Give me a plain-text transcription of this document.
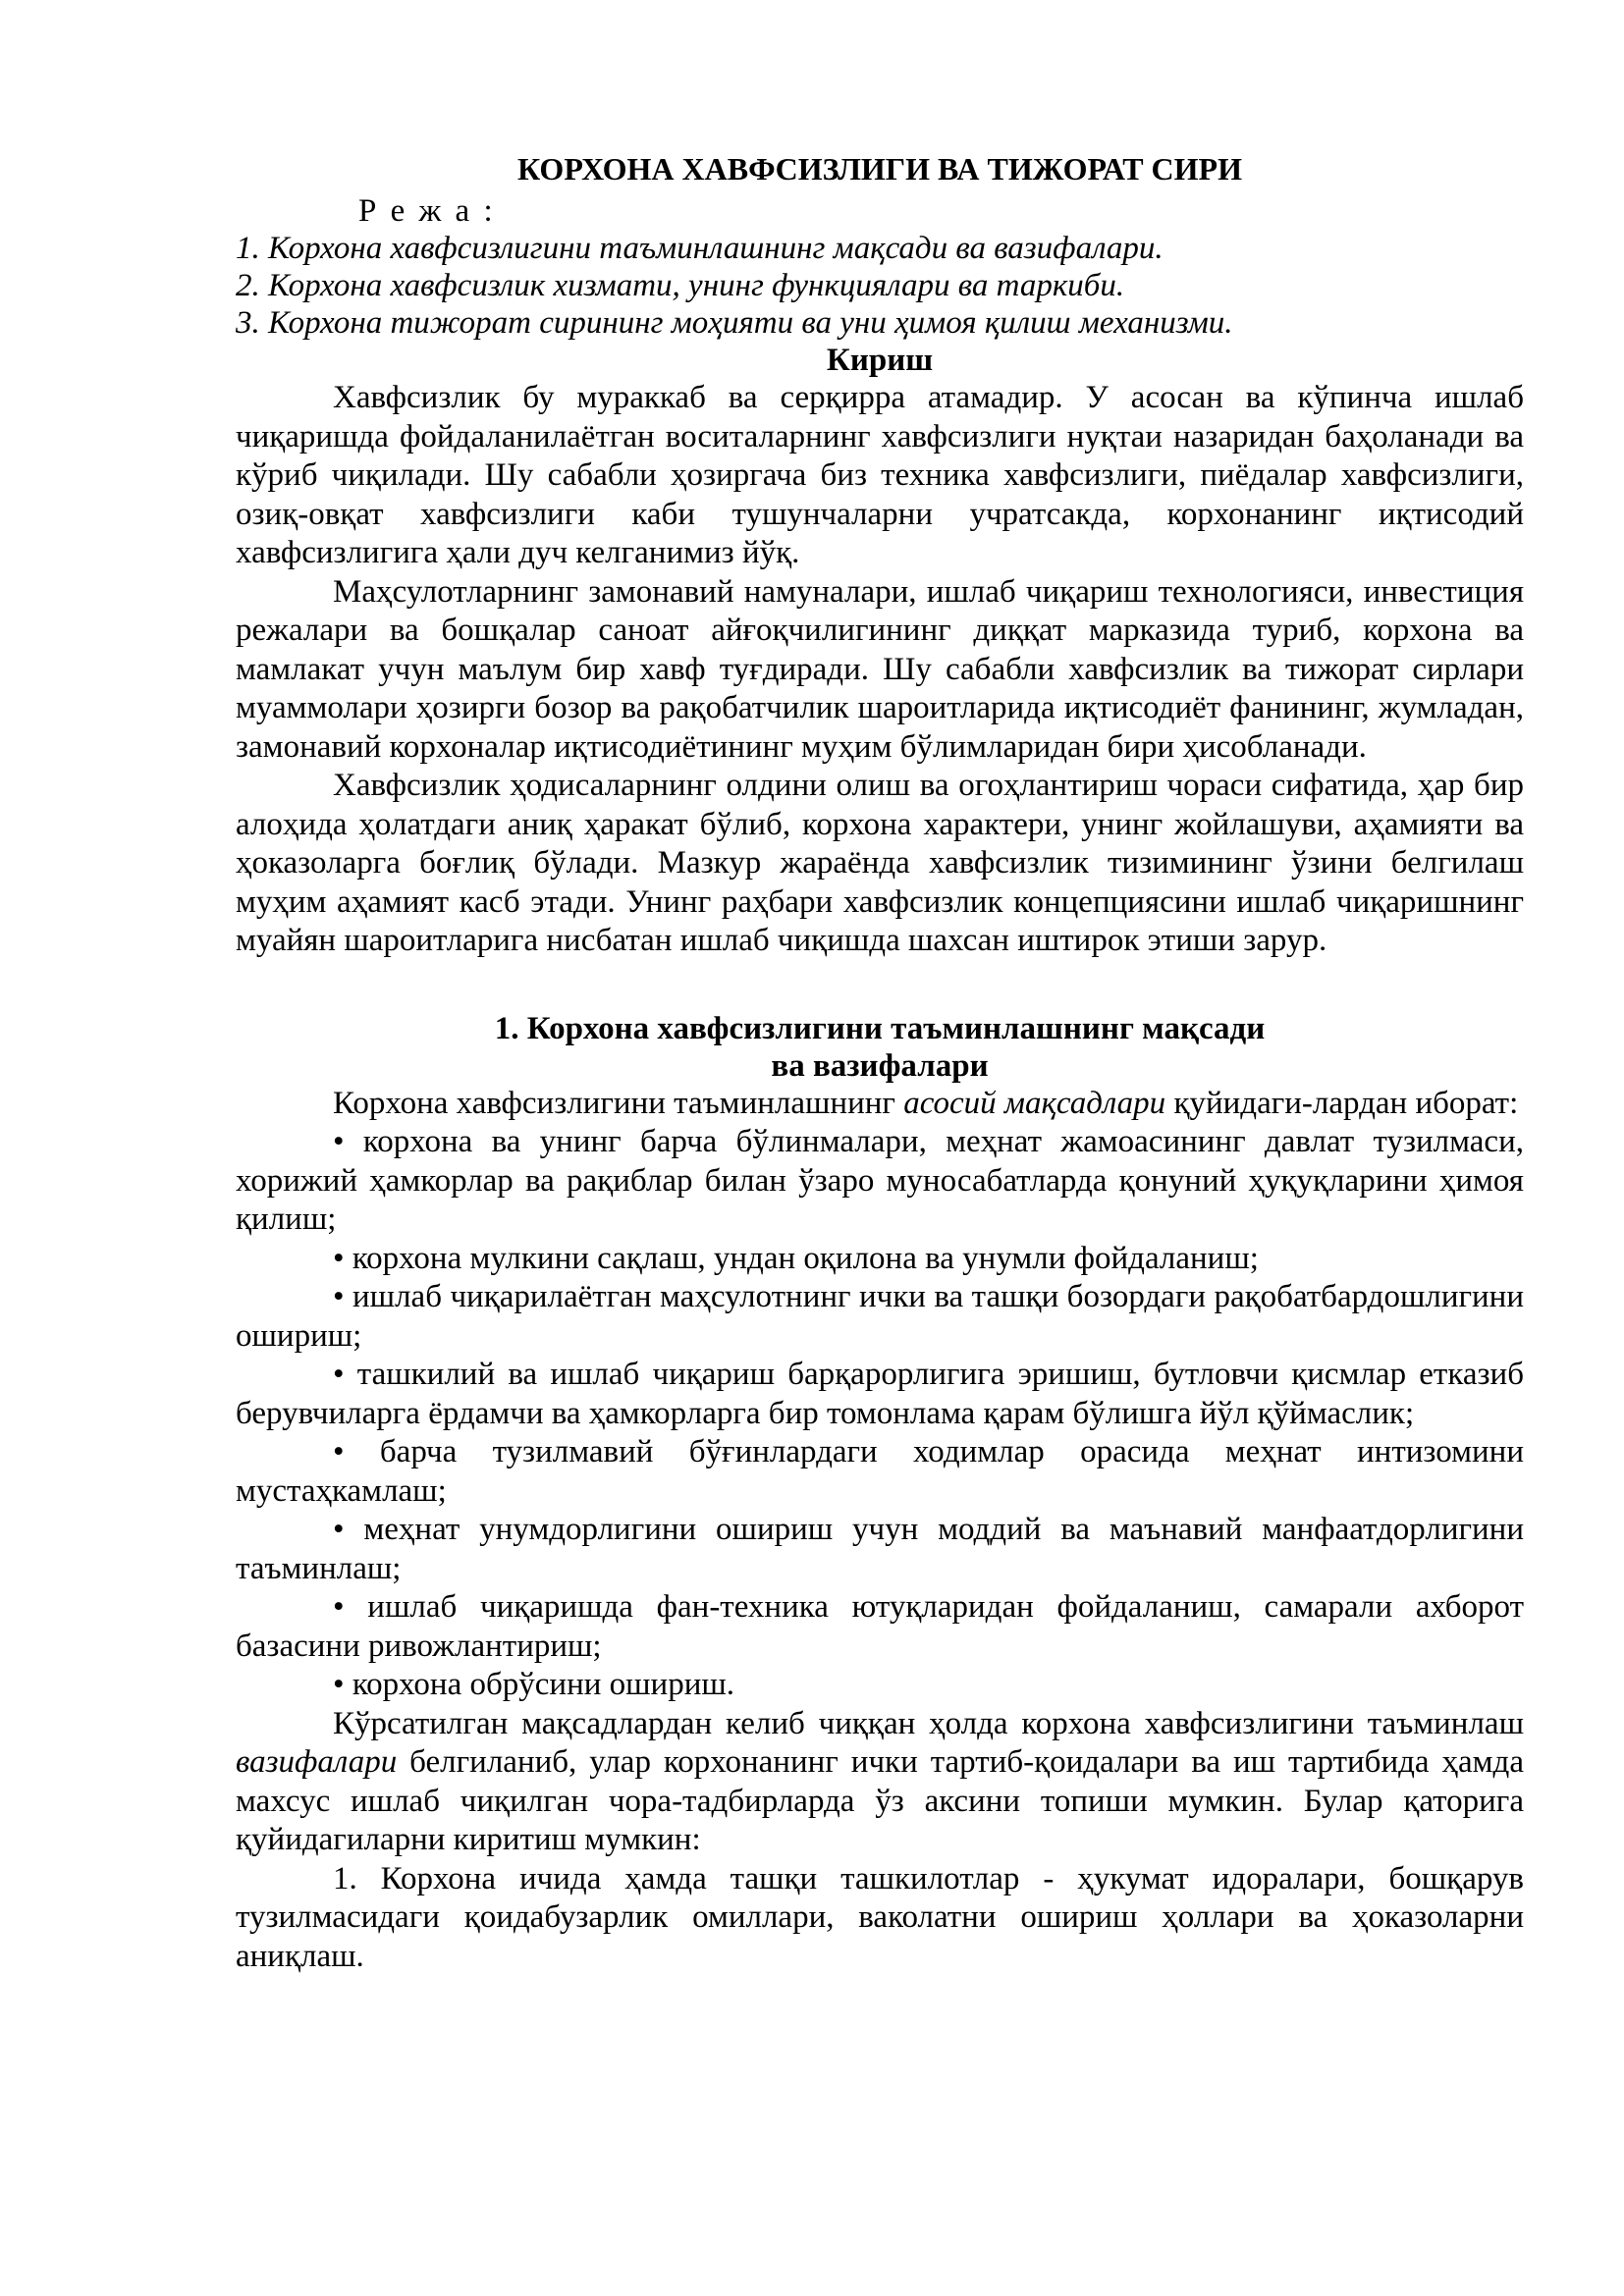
КОРХОНА ХАВФСИЗЛИГИ ВА ТИЖОРАТ СИРИ
Р е ж а :
1. Корхона хавфсизлигини таъминлашнинг мақсади ва вазифалари.
2. Корхона хавфсизлик хизмати, унинг функциялари ва таркиби.
3. Корхона тижорат сирининг моҳияти ва уни ҳимоя қилиш механизми.
Кириш

Хавфсизлик бу мураккаб ва серқирра атамадир. У асосан ва кўпинча ишлаб чиқаришда фойдаланилаётган воситаларнинг хавфсизлиги нуқтаи назаридан баҳоланади ва кўриб чиқилади. Шу сабабли ҳозиргача биз техника хавфсизлиги, пиёдалар хавфсизлиги, озиқ-овқат хавфсизлиги каби тушунчаларни учратсакда, корхонанинг иқтисодий хавфсизлигига ҳали дуч келганимиз йўқ.

Маҳсулотларнинг замонавий намуналари, ишлаб чиқариш технологияси, инвестиция режалари ва бошқалар саноат айғоқчилигининг диққат марказида туриб, корхона ва мамлакат учун маълум бир хавф туғдиради. Шу сабабли хавфсизлик ва тижорат сирлари муаммолари ҳозирги бозор ва рақобатчилик шароитларида иқтисодиёт фанининг, жумладан, замонавий корхоналар иқтисодиётининг муҳим бўлимларидан бири ҳисобланади.

Хавфсизлик ҳодисаларнинг олдини олиш ва огоҳлантириш чораси сифатида, ҳар бир алоҳида ҳолатдаги аниқ ҳаракат бўлиб, корхона характери, унинг жойлашуви, аҳамияти ва ҳоказоларга боғлиқ бўлади. Мазкур жараёнда хавфсизлик тизимининг ўзини белгилаш муҳим аҳамият касб этади. Унинг раҳбари хавфсизлик концепциясини ишлаб чиқаришнинг муайян шароитларига нисбатан ишлаб чиқишда шахсан иштирок этиши зарур.

1. Корхона хавфсизлигини таъминлашнинг мақсади
ва вазифалари

Корхона хавфсизлигини таъминлашнинг асосий мақсадлари қуйидаги-лардан иборат:

• корхона ва унинг барча бўлинмалари, меҳнат жамоасининг давлат тузилмаси, хорижий ҳамкорлар ва рақиблар билан ўзаро муносабатларда қонуний ҳуқуқларини ҳимоя қилиш;

• корхона мулкини сақлаш, ундан оқилона ва унумли фойдаланиш;

• ишлаб чиқарилаётган маҳсулотнинг ички ва ташқи бозордаги рақобатбардошлигини ошириш;

• ташкилий ва ишлаб чиқариш барқарорлигига эришиш, бутловчи қисмлар етказиб берувчиларга ёрдамчи ва ҳамкорларга бир томонлама қарам бўлишга йўл қўймаслик;

• барча тузилмавий бўғинлардаги ходимлар орасида меҳнат интизомини мустаҳкамлаш;

• меҳнат унумдорлигини ошириш учун моддий ва маънавий манфаатдорлигини таъминлаш;

• ишлаб чиқаришда фан-техника ютуқларидан фойдаланиш, самарали ахборот базасини ривожлантириш;

• корхона обрўсини ошириш.

Кўрсатилган мақсадлардан келиб чиққан ҳолда корхона хавфсизлигини таъминлаш вазифалари белгиланиб, улар корхонанинг ички тартиб-қоидалари ва иш тартибида ҳамда махсус ишлаб чиқилган чора-тадбирларда ўз аксини топиши мумкин. Булар қаторига қуйидагиларни киритиш мумкин:

1. Корхона ичида ҳамда ташқи ташкилотлар - ҳукумат идоралари, бошқарув тузилмасидаги қоидабузарлик омиллари, ваколатни ошириш ҳоллари ва ҳоказоларни аниқлаш.
